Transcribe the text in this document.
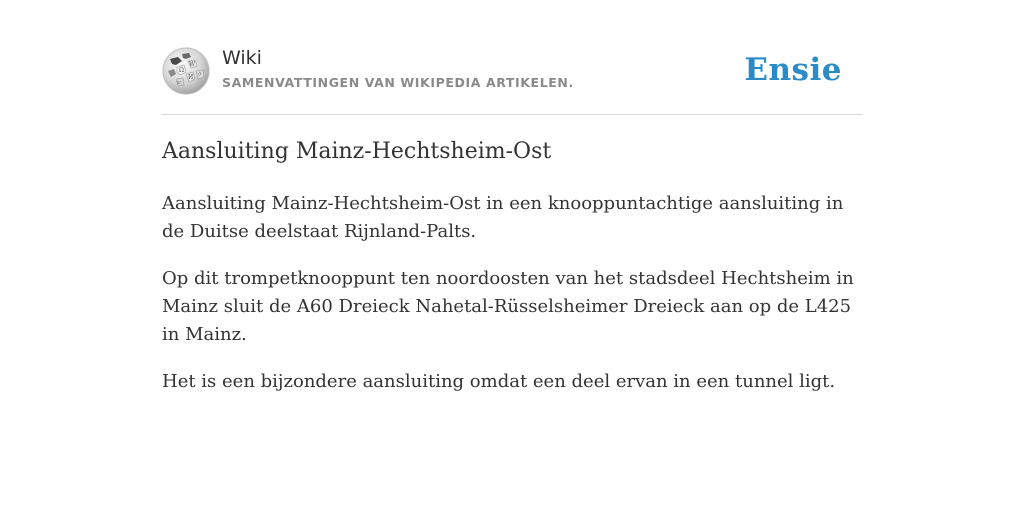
Ω
W
И ウ
ש
Wiki
SAMENVATTINGEN VAN WIKIPEDIA ARTIKELEN.	Ensie
Aansluiting Mainz-Hechtsheim-Ost

Aansluiting Mainz-Hechtsheim-Ost in een knooppuntachtige aansluiting in de Duitse deelstaat Rijnland-Palts.

Op dit trompetknooppunt ten noordoosten van het stadsdeel Hechtsheim in Mainz sluit de A60 Dreieck Nahetal-Rüsselsheimer Dreieck aan op de L425 in Mainz.

Het is een bijzondere aansluiting omdat een deel ervan in een tunnel ligt.
